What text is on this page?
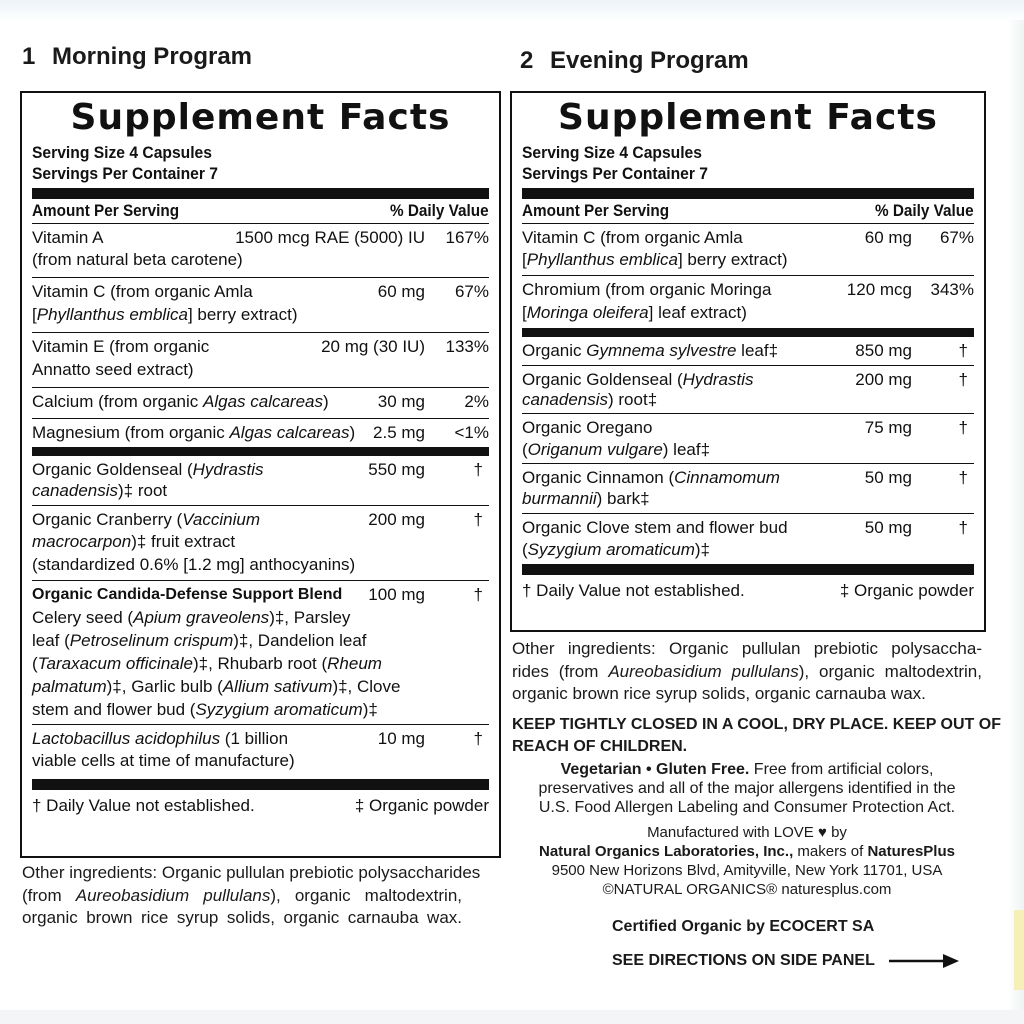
1 Morning Program
Supplement Facts
Serving Size 4 Capsules
Servings Per Container 7
Amount Per Serving	% Daily Value
Vitamin A	1500 mcg RAE (5000) IU 167%
(from natural beta carotene)
Vitamin C (from organic Amla	60 mg 67%
[Phyllanthus emblica] berry extract)
Vitamin E (from organic	20 mg (30 IU) 133%
Annatto seed extract)
Calcium (from organic Algas calcareas)	30 mg 2%
Magnesium (from organic Algas calcareas) 2.5 mg <1%
Organic Goldenseal (Hydrastis	550 mg	†
canadensis)‡ root
Organic Cranberry (Vaccinium	200 mg	†
macrocarpon)‡ fruit extract
(standardized 0.6% [1.2 mg] anthocyanins)
Organic Candida-Defense Support Blend 100 mg	†
Celery seed (Apium graveolens)‡, Parsley
leaf (Petroselinum crispum)‡, Dandelion leaf
(Taraxacum officinale)‡, Rhubarb root (Rheum
palmatum)‡, Garlic bulb (Allium sativum)‡, Clove
stem and flower bud (Syzygium aromaticum)‡
Lactobacillus acidophilus (1 billion	10 mg	†
viable cells at time of manufacture)
† Daily Value not established.	‡ Organic powder
Other ingredients: Organic pullulan prebiotic polysaccharides
(from Aureobasidium pullulans), organic maltodextrin,
organic brown rice syrup solids, organic carnauba wax.
2 Evening Program
Supplement Facts
Serving Size 4 Capsules
Servings Per Container 7
Amount Per Serving	% Daily Value
Vitamin C (from organic Amla	60 mg 67%
[Phyllanthus emblica] berry extract)
Chromium (from organic Moringa	120 mcg 343%
[Moringa oleifera] leaf extract)
Organic Gymnema sylvestre leaf‡	850 mg	†
Organic Goldenseal (Hydrastis	200 mg	†
canadensis) root‡
Organic Oregano	75 mg	†
(Origanum vulgare) leaf‡
Organic Cinnamon (Cinnamomum	50 mg	†
burmannii) bark‡
Organic Clove stem and flower bud	50 mg	†
(Syzygium aromaticum)‡
† Daily Value not established.	‡ Organic powder
Other ingredients: Organic pullulan prebiotic polysaccha-
rides (from Aureobasidium pullulans), organic maltodextrin,
organic brown rice syrup solids, organic carnauba wax.
KEEP TIGHTLY CLOSED IN A COOL, DRY PLACE. KEEP OUT OF
REACH OF CHILDREN.
Vegetarian • Gluten Free. Free from artificial colors,
preservatives and all of the major allergens identified in the
U.S. Food Allergen Labeling and Consumer Protection Act.
Manufactured with LOVE ♥ by
Natural Organics Laboratories, Inc., makers of NaturesPlus
9500 New Horizons Blvd, Amityville, New York 11701, USA
©NATURAL ORGANICS® naturesplus.com
Certified Organic by ECOCERT SA
SEE DIRECTIONS ON SIDE PANEL
